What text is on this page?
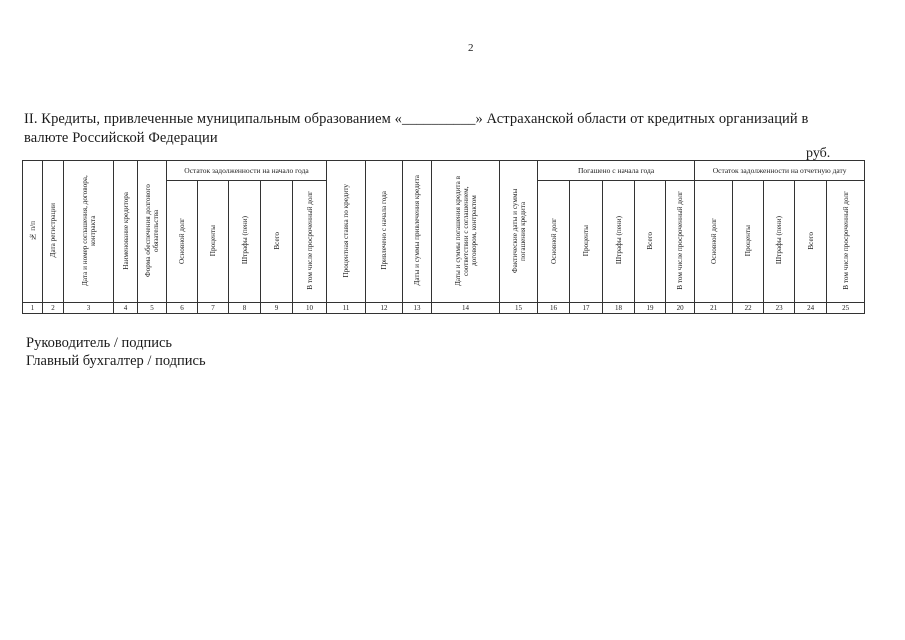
2
II. Кредиты, привлеченные муниципальным образованием «__________» Астраханской области от кредитных организаций в валюте Российской Федерации
руб.
№ п/п	Дата регистрации	Дата и номер соглашения, договора, контракта	Наименование кредитора	Форма обеспечения долгового обязательства	Остаток задолженности на начало года					Процентная ставка по кредиту	Привлечено с начала года	Даты и суммы привлечения кредита	Даты и суммы погашения кредита в соответствии с соглашением, договором, контрактом	Фактические даты и суммы погашения кредита	Погашено с начала года					Остаток задолженности на отчетную дату				
					Основной долг	Проценты	Штрафы (пени)	Всего	В том числе просроченный долг						Основной долг	Проценты	Штрафы (пени)	Всего	В том числе просроченный долг	Основной долг	Проценты	Штрафы (пени)	Всего	В том числе просроченный долг
1	2	3	4	5	6	7	8	9	10	11	12	13	14	15	16	17	18	19	20	21	22	23	24	25
Руководитель / подпись
Главный бухгалтер / подпись
